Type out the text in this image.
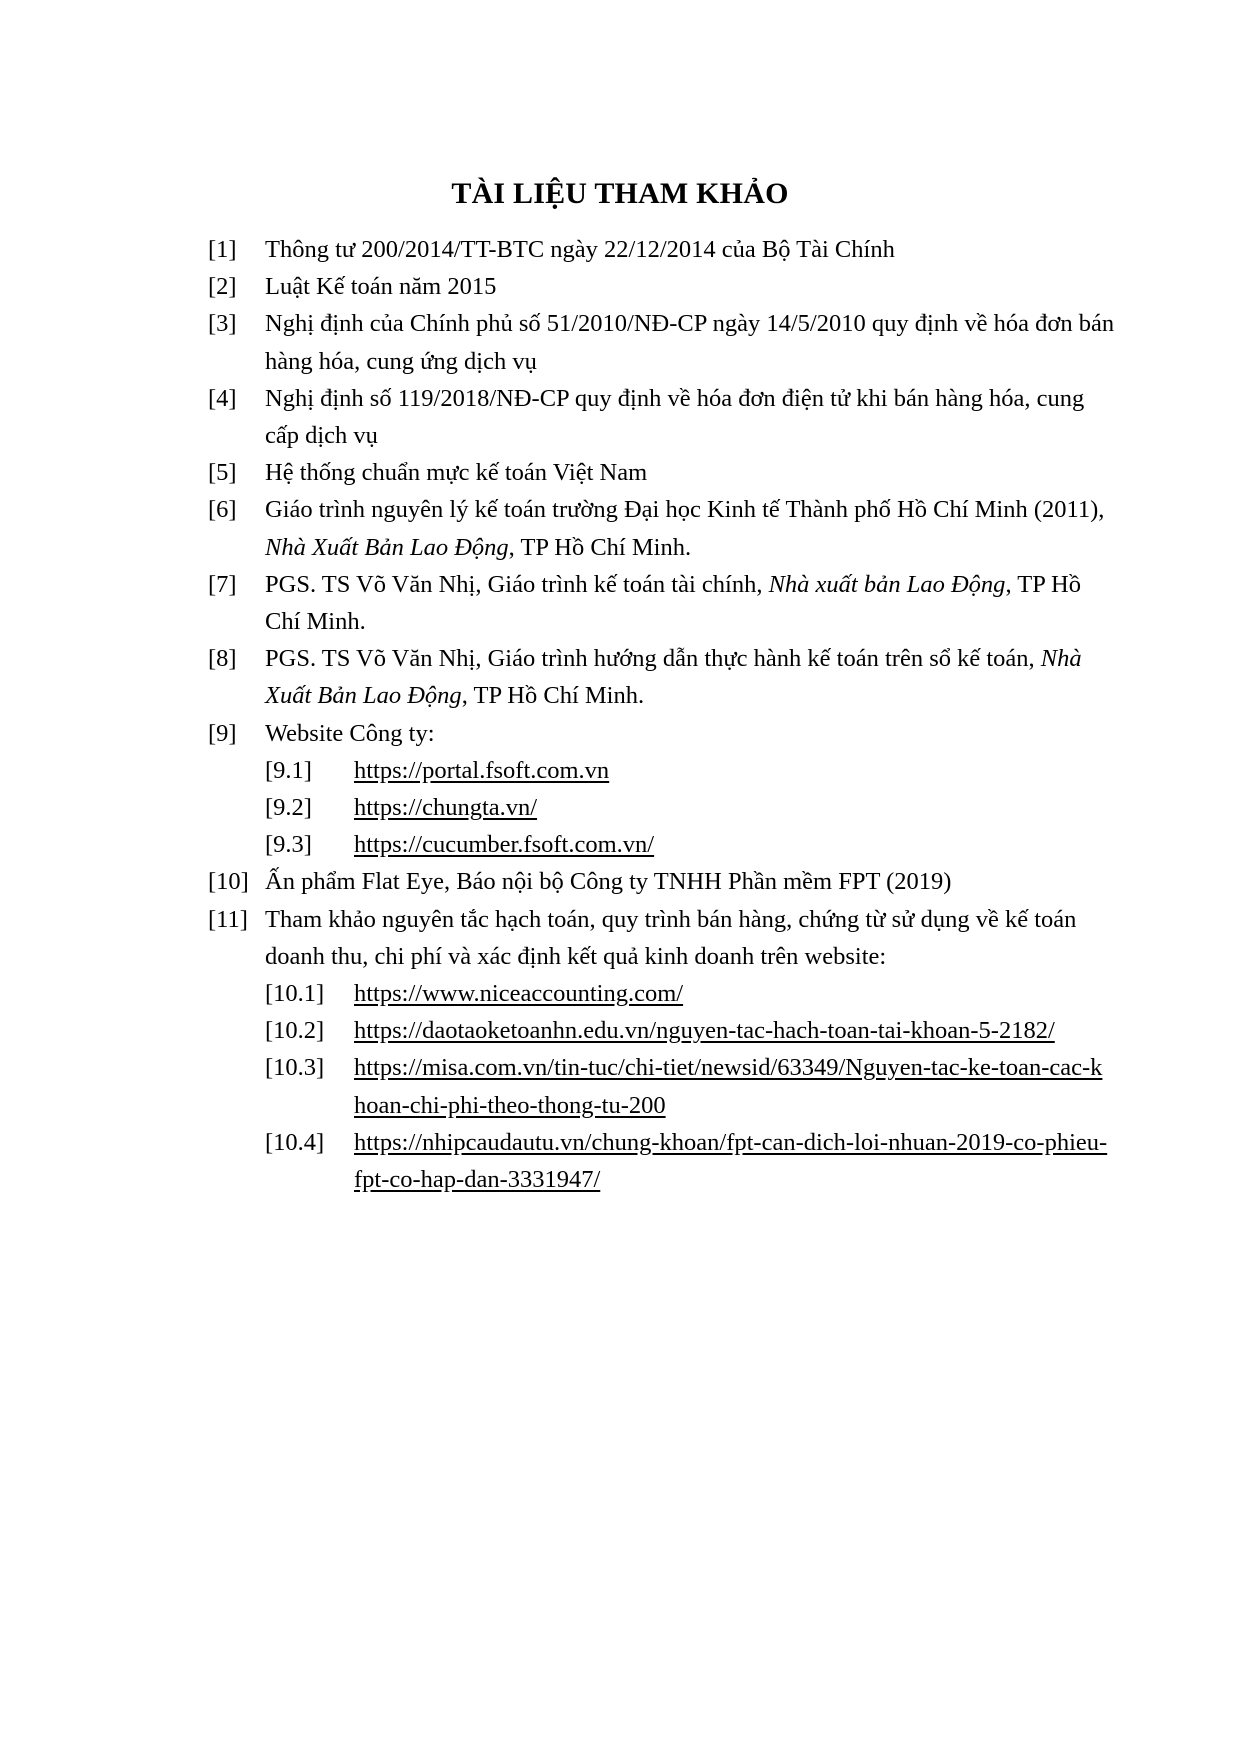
TÀI LIỆU THAM KHẢO
[1]	Thông tư 200/2014/TT-BTC ngày 22/12/2014 của Bộ Tài Chính
[2]	Luật Kế toán năm 2015
[3]	Nghị định của Chính phủ số 51/2010/NĐ-CP ngày 14/5/2010 quy định về hóa đơn bán hàng hóa, cung ứng dịch vụ
[4]	Nghị định số 119/2018/NĐ-CP quy định về hóa đơn điện tử khi bán hàng hóa, cung cấp dịch vụ
[5]	Hệ thống chuẩn mực kế toán Việt Nam
[6]	Giáo trình nguyên lý kế toán trường Đại học Kinh tế Thành phố Hồ Chí Minh (2011), Nhà Xuất Bản Lao Động, TP Hồ Chí Minh.
[7]	PGS. TS Võ Văn Nhị, Giáo trình kế toán tài chính, Nhà xuất bản Lao Động, TP Hồ Chí Minh.
[8]	PGS. TS Võ Văn Nhị, Giáo trình hướng dẫn thực hành kế toán trên sổ kế toán, Nhà Xuất Bản Lao Động, TP Hồ Chí Minh.
[9]	Website Công ty:
[9.1]	https://portal.fsoft.com.vn
[9.2]	https://chungta.vn/
[9.3]	https://cucumber.fsoft.com.vn/
[10] Ấn phẩm Flat Eye, Báo nội bộ Công ty TNHH Phần mềm FPT (2019)
[11] Tham khảo nguyên tắc hạch toán, quy trình bán hàng, chứng từ sử dụng về kế toán doanh thu, chi phí và xác định kết quả kinh doanh trên website:
[10.1]	https://www.niceaccounting.com/
[10.2]	https://daotaoketoanhn.edu.vn/nguyen-tac-hach-toan-tai-khoan-5-2182/
[10.3]	https://misa.com.vn/tin-tuc/chi-tiet/newsid/63349/Nguyen-tac-ke-toan-cac-khoan-chi-phi-theo-thong-tu-200
[10.4]	https://nhipcaudautu.vn/chung-khoan/fpt-can-dich-loi-nhuan-2019-co-phieu-fpt-co-hap-dan-3331947/
